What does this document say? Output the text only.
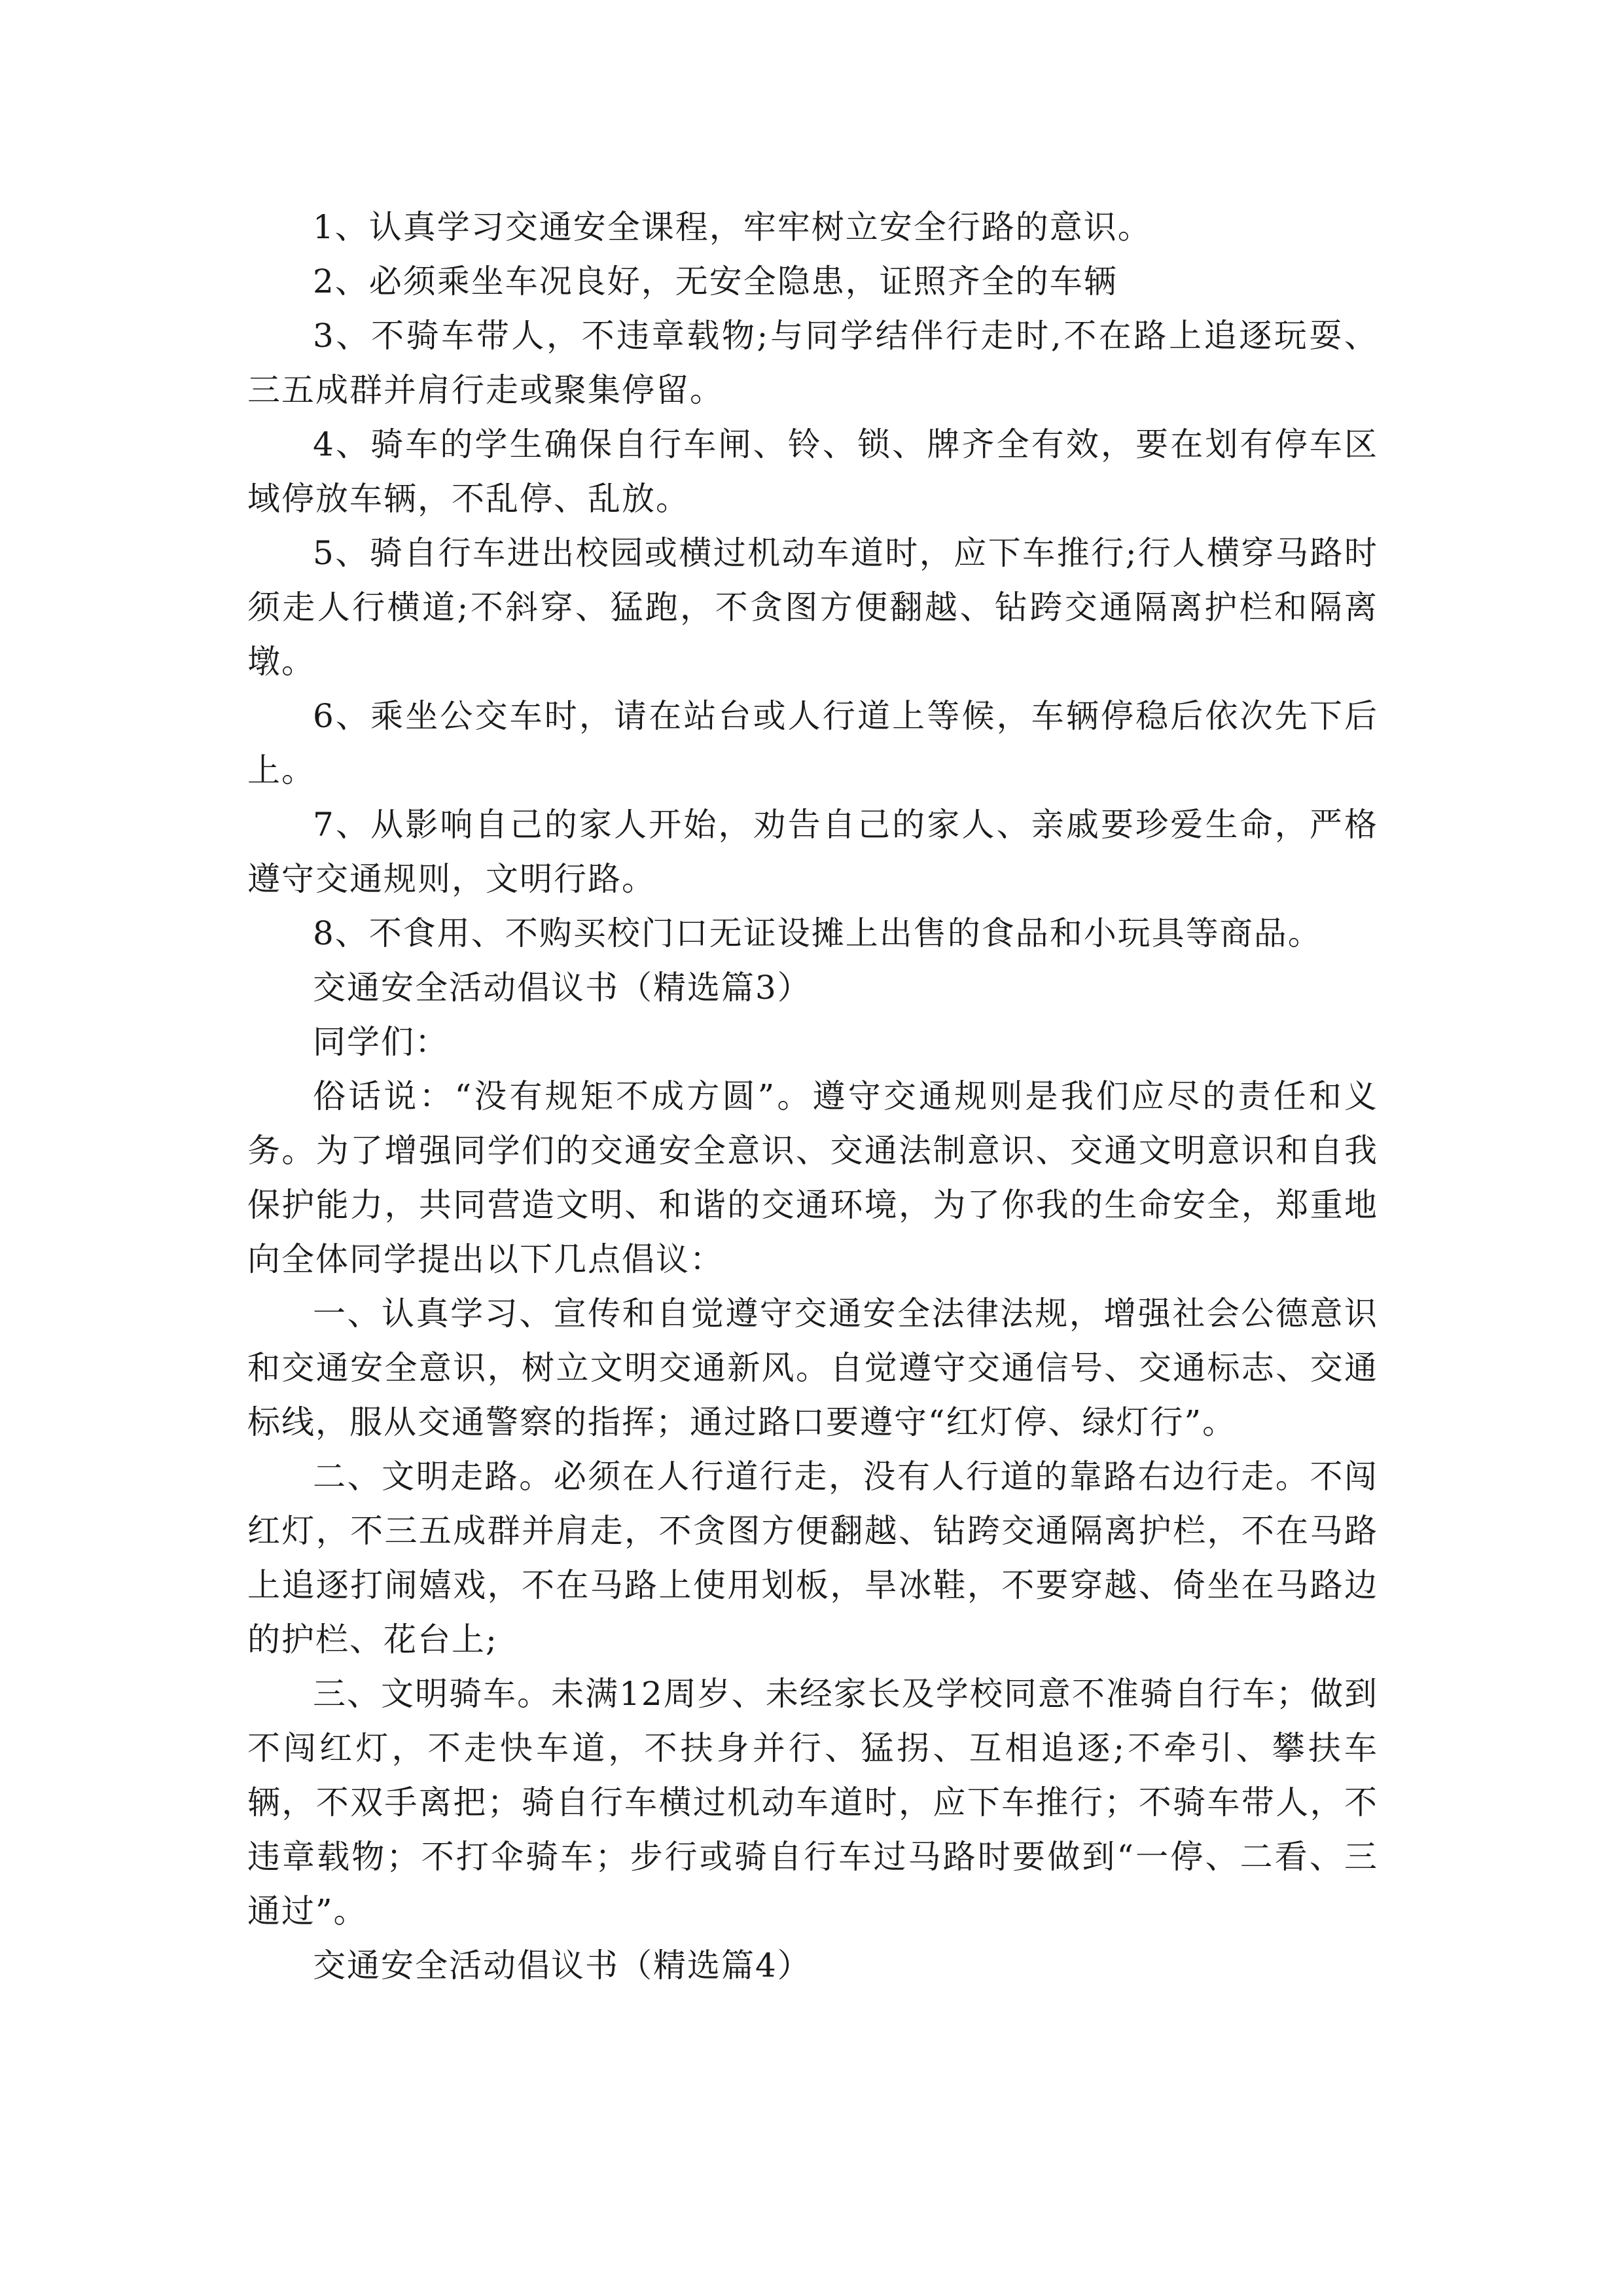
1、认真学习交通安全课程，牢牢树立安全行路的意识。

2、必须乘坐车况良好，无安全隐患，证照齐全的车辆

3、不骑车带人，不违章载物;与同学结伴行走时,不在路上追逐玩耍、三五成群并肩行走或聚集停留。

4、骑车的学生确保自行车闸、铃、锁、牌齐全有效，要在划有停车区域停放车辆，不乱停、乱放。

5、骑自行车进出校园或横过机动车道时，应下车推行;行人横穿马路时须走人行横道;不斜穿、猛跑，不贪图方便翻越、钻跨交通隔离护栏和隔离墩。

6、乘坐公交车时，请在站台或人行道上等候，车辆停稳后依次先下后上。

7、从影响自己的家人开始，劝告自己的家人、亲戚要珍爱生命，严格遵守交通规则，文明行路。

8、不食用、不购买校门口无证设摊上出售的食品和小玩具等商品。

交通安全活动倡议书（精选篇3）

同学们：

俗话说：“没有规矩不成方圆”。遵守交通规则是我们应尽的责任和义务。为了增强同学们的交通安全意识、交通法制意识、交通文明意识和自我保护能力，共同营造文明、和谐的交通环境，为了你我的生命安全，郑重地向全体同学提出以下几点倡议：

一、认真学习、宣传和自觉遵守交通安全法律法规，增强社会公德意识和交通安全意识，树立文明交通新风。自觉遵守交通信号、交通标志、交通标线，服从交通警察的指挥；通过路口要遵守“红灯停、绿灯行”。

二、文明走路。必须在人行道行走，没有人行道的靠路右边行走。不闯红灯，不三五成群并肩走，不贪图方便翻越、钻跨交通隔离护栏，不在马路上追逐打闹嬉戏，不在马路上使用划板，旱冰鞋，不要穿越、倚坐在马路边的护栏、花台上;

三、文明骑车。未满12周岁、未经家长及学校同意不准骑自行车；做到不闯红灯，不走快车道，不扶身并行、猛拐、互相追逐;不牵引、攀扶车辆，不双手离把；骑自行车横过机动车道时，应下车推行；不骑车带人，不违章载物；不打伞骑车；步行或骑自行车过马路时要做到“一停、二看、三通过”。

交通安全活动倡议书（精选篇4）
